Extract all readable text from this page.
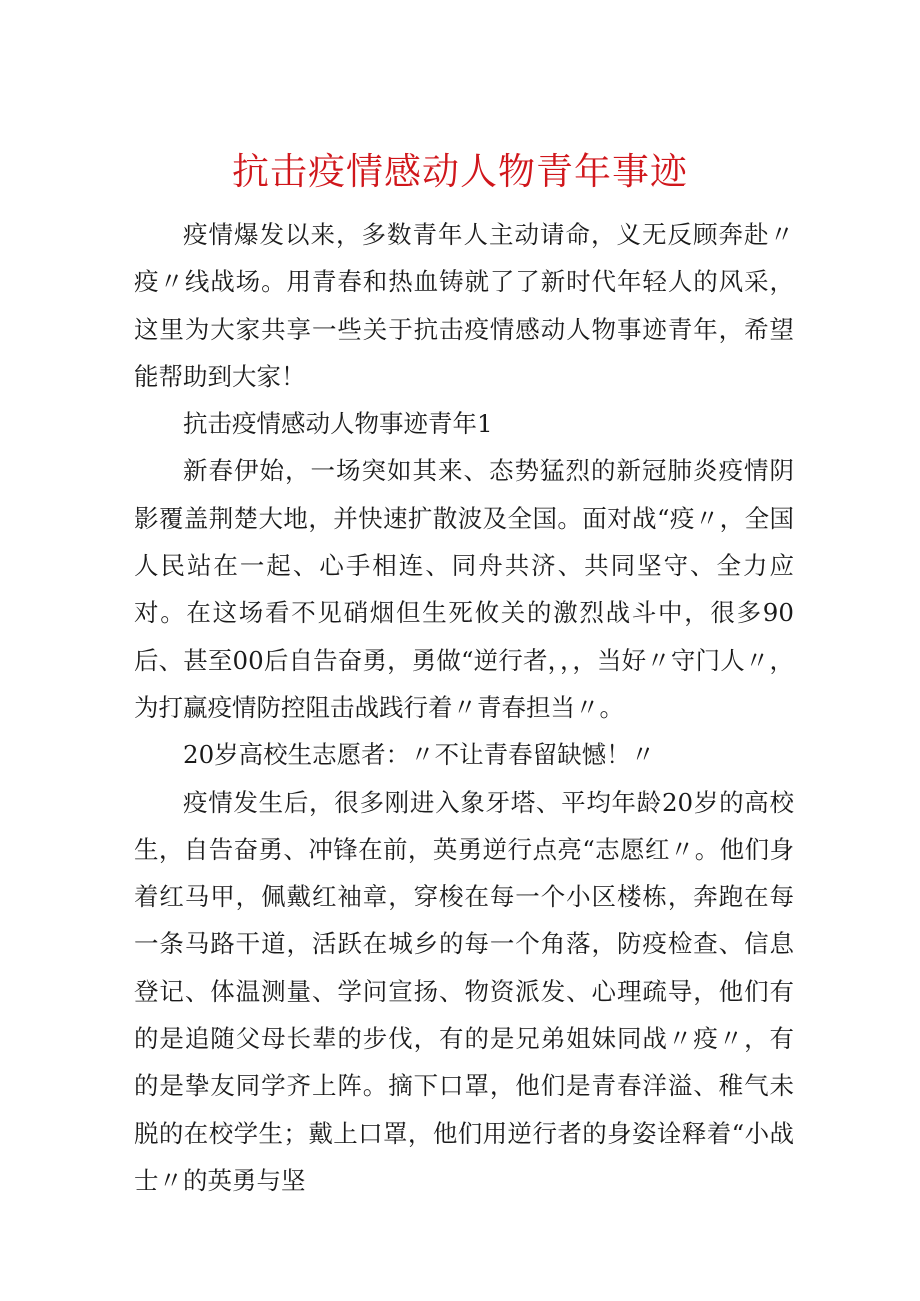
抗击疫情感动人物青年事迹

疫情爆发以来，多数青年人主动请命，义无反顾奔赴〃疫〃线战场。用青春和热血铸就了了新时代年轻人的风采，这里为大家共享一些关于抗击疫情感动人物事迹青年，希望能帮助到大家！

抗击疫情感动人物事迹青年1

新春伊始，一场突如其来、态势猛烈的新冠肺炎疫情阴影覆盖荆楚大地，并快速扩散波及全国。面对战“疫〃，全国人民站在一起、心手相连、同舟共济、共同坚守、全力应对。在这场看不见硝烟但生死攸关的激烈战斗中，很多90后、甚至00后自告奋勇，勇做“逆行者，，，当好〃守门人〃，为打赢疫情防控阻击战践行着〃青春担当〃。

20岁高校生志愿者：〃不让青春留缺憾！〃

疫情发生后，很多刚进入象牙塔、平均年龄20岁的高校生，自告奋勇、冲锋在前，英勇逆行点亮“志愿红〃。他们身着红马甲，佩戴红袖章，穿梭在每一个小区楼栋，奔跑在每一条马路干道，活跃在城乡的每一个角落，防疫检查、信息登记、体温测量、学问宣扬、物资派发、心理疏导，他们有的是追随父母长辈的步伐，有的是兄弟姐妹同战〃疫〃，有的是挚友同学齐上阵。摘下口罩，他们是青春洋溢、稚气未脱的在校学生；戴上口罩，他们用逆行者的身姿诠释着“小战士〃的英勇与坚
